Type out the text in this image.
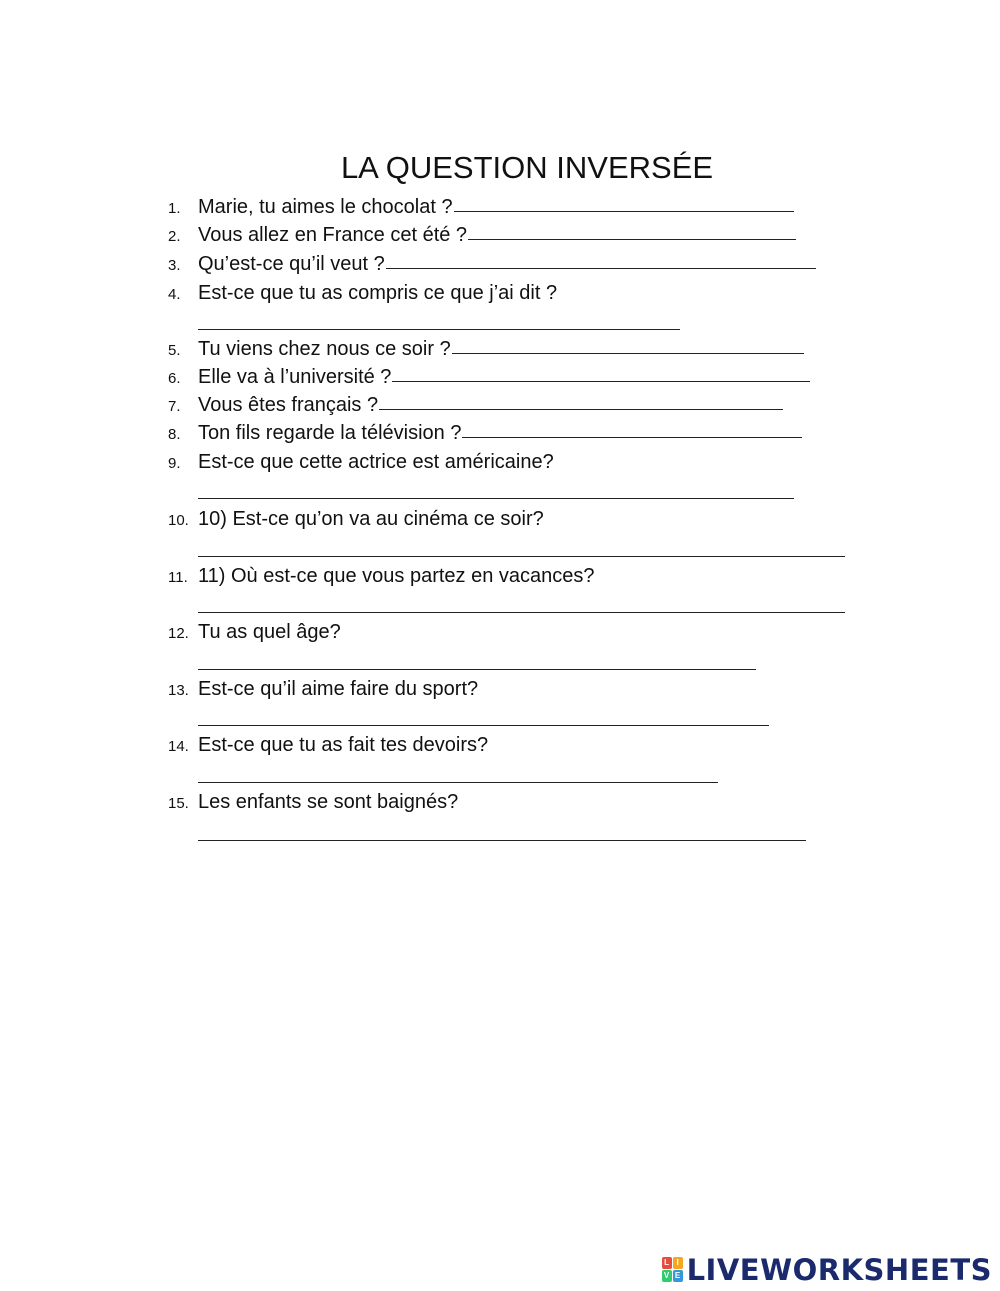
LA QUESTION INVERSÉE
1. Marie, tu aimes le chocolat ?
2. Vous allez en France cet été ?
3. Qu’est-ce qu’il veut ?
4. Est-ce que tu as compris ce que j’ai dit ?
5. Tu viens chez nous ce soir ?
6. Elle va à l’université ?
7. Vous êtes français ?
8. Ton fils regarde la télévision ?
9. Est-ce que cette actrice est américaine?
10. 10) Est-ce qu’on va au cinéma ce soir?
11. 11) Où est-ce que vous partez en vacances?
12. Tu as quel âge?
13. Est-ce qu’il aime faire du sport?
14. Est-ce que tu as fait tes devoirs?
15. Les enfants se sont baignés?
L I
V E LIVEWORKSHEETS
